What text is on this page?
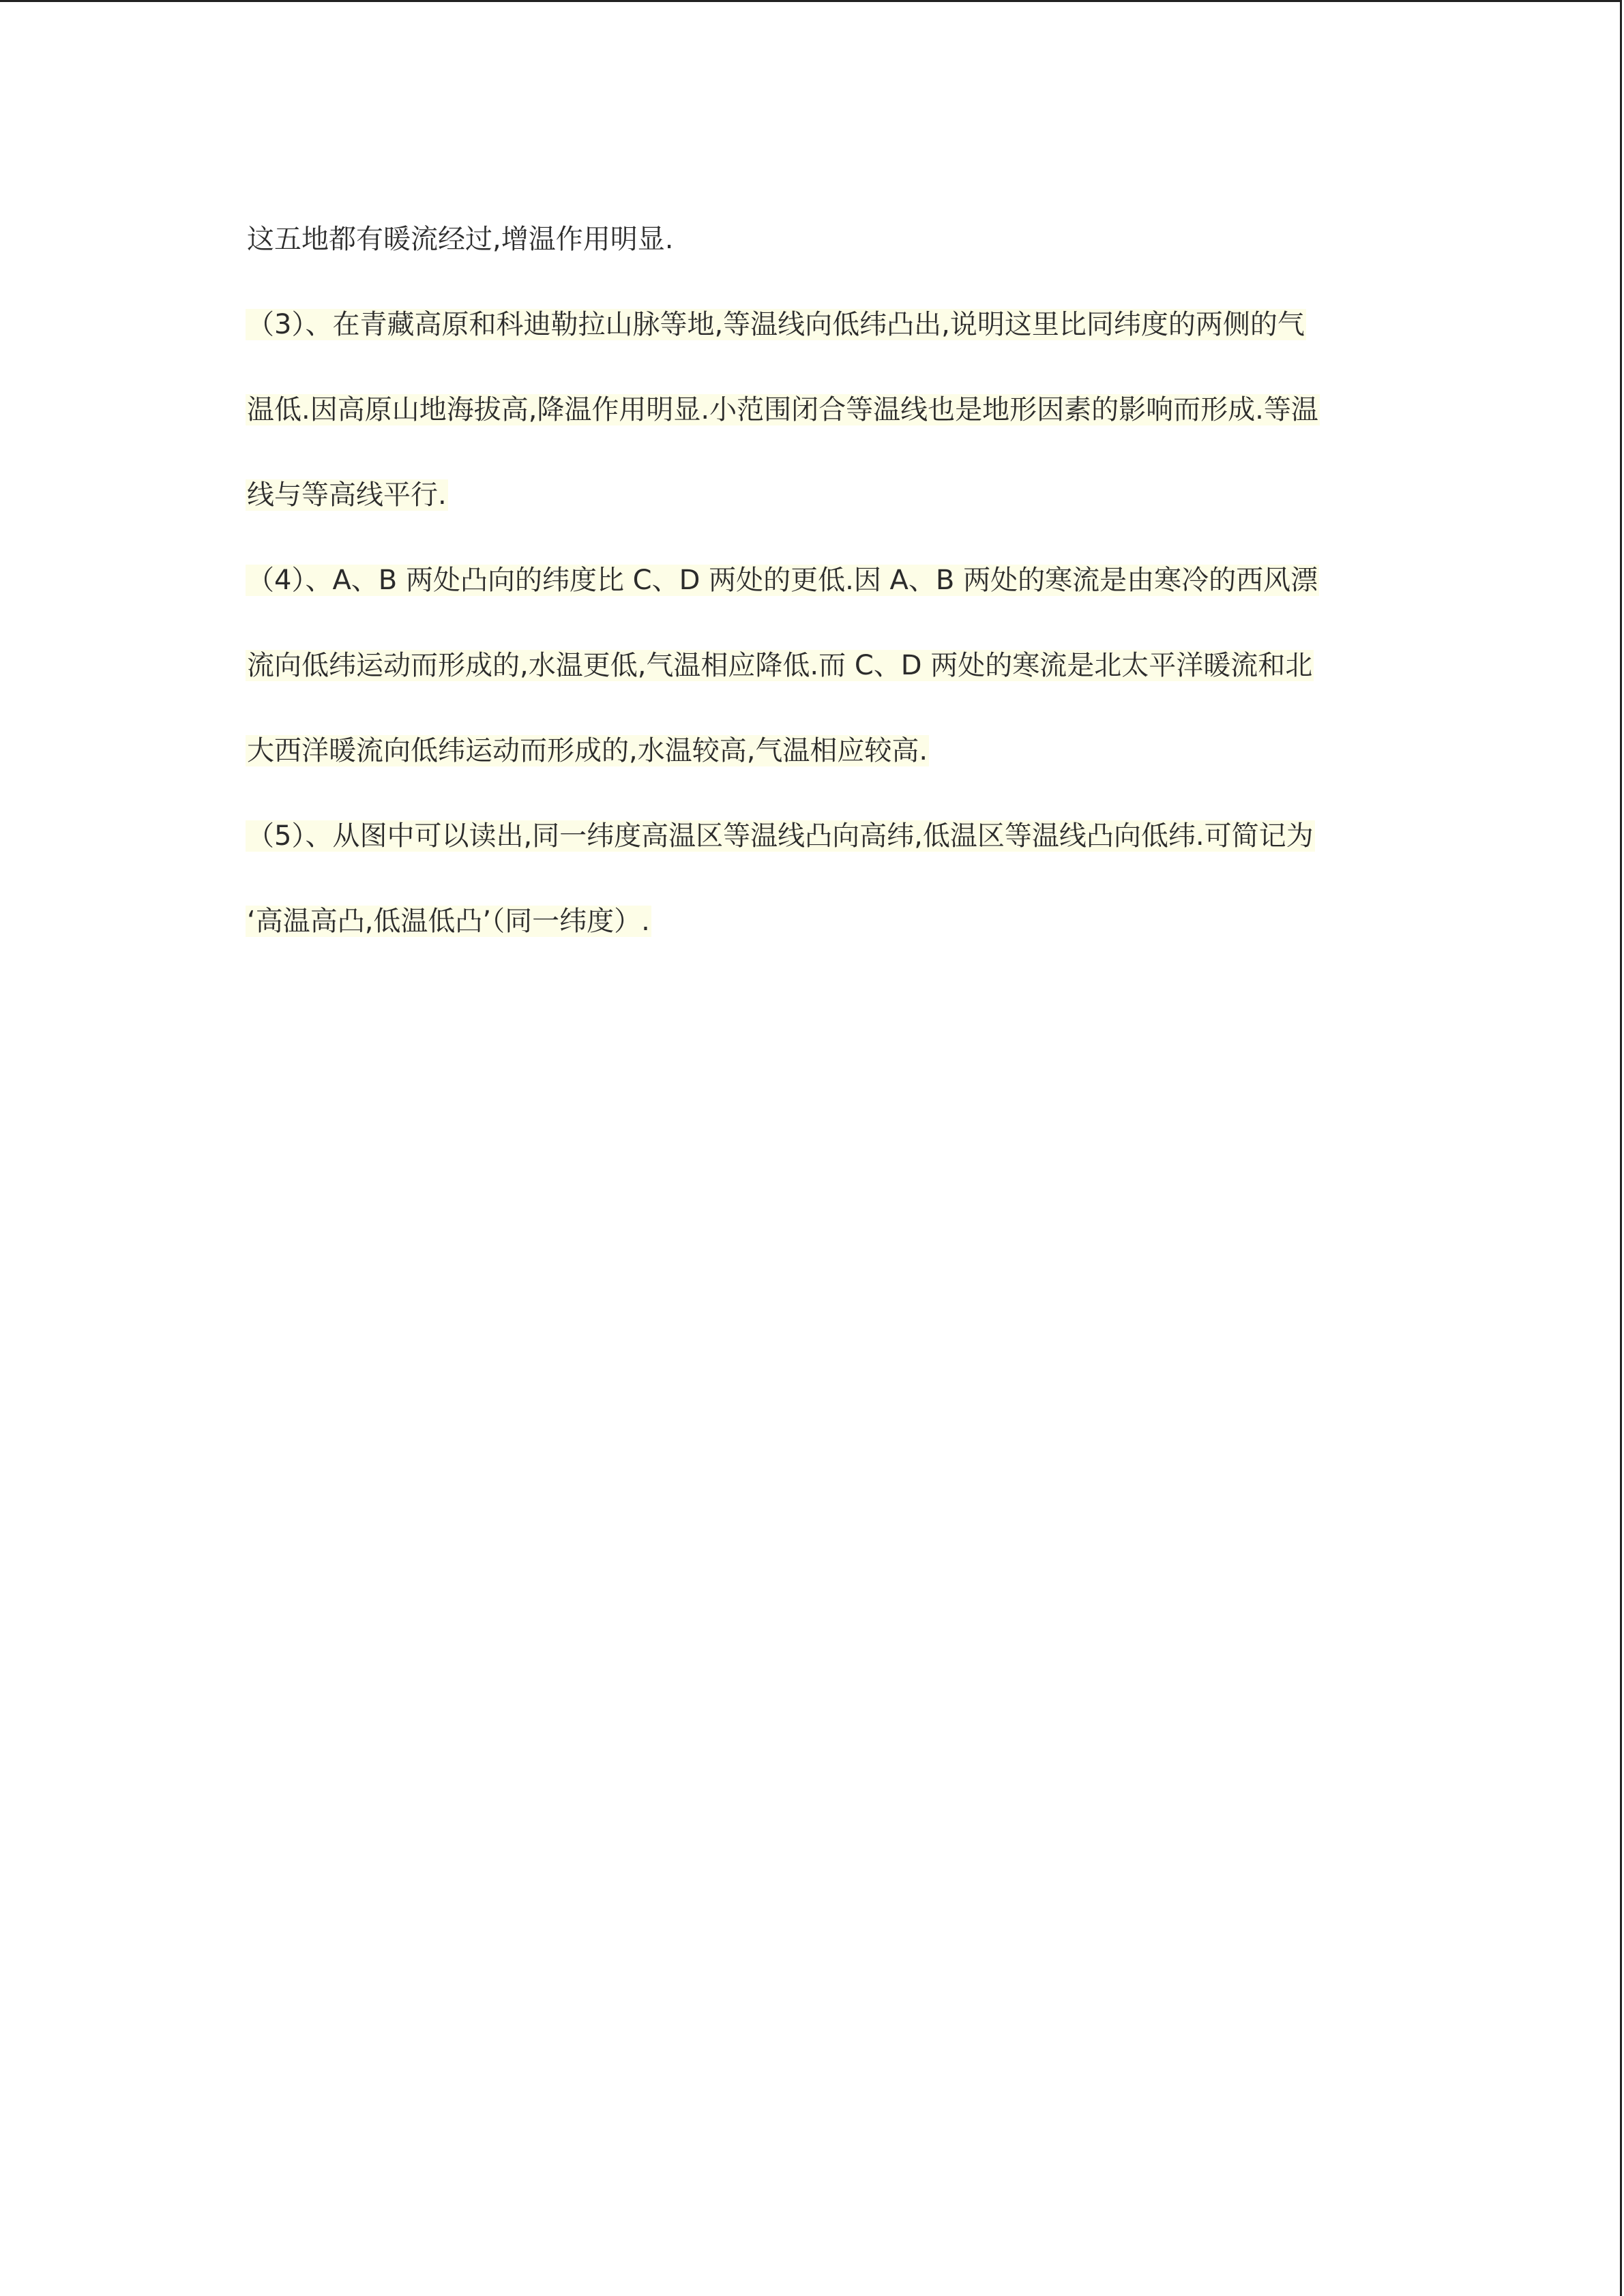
这五地都有暖流经过,增温作用明显.
（3）、在青藏高原和科迪勒拉山脉等地,等温线向低纬凸出,说明这里比同纬度的两侧的气
温低.因高原山地海拔高,降温作用明显.小范围闭合等温线也是地形因素的影响而形成.等温
线与等高线平行.
（4）、A、B 两处凸向的纬度比 C、D 两处的更低.因 A、B 两处的寒流是由寒冷的西风漂
流向低纬运动而形成的,水温更低,气温相应降低.而 C、D 两处的寒流是北太平洋暖流和北
大西洋暖流向低纬运动而形成的,水温较高,气温相应较高.
（5）、从图中可以读出,同一纬度高温区等温线凸向高纬,低温区等温线凸向低纬.可简记为
‘高温高凸,低温低凸’（同一纬度）.
